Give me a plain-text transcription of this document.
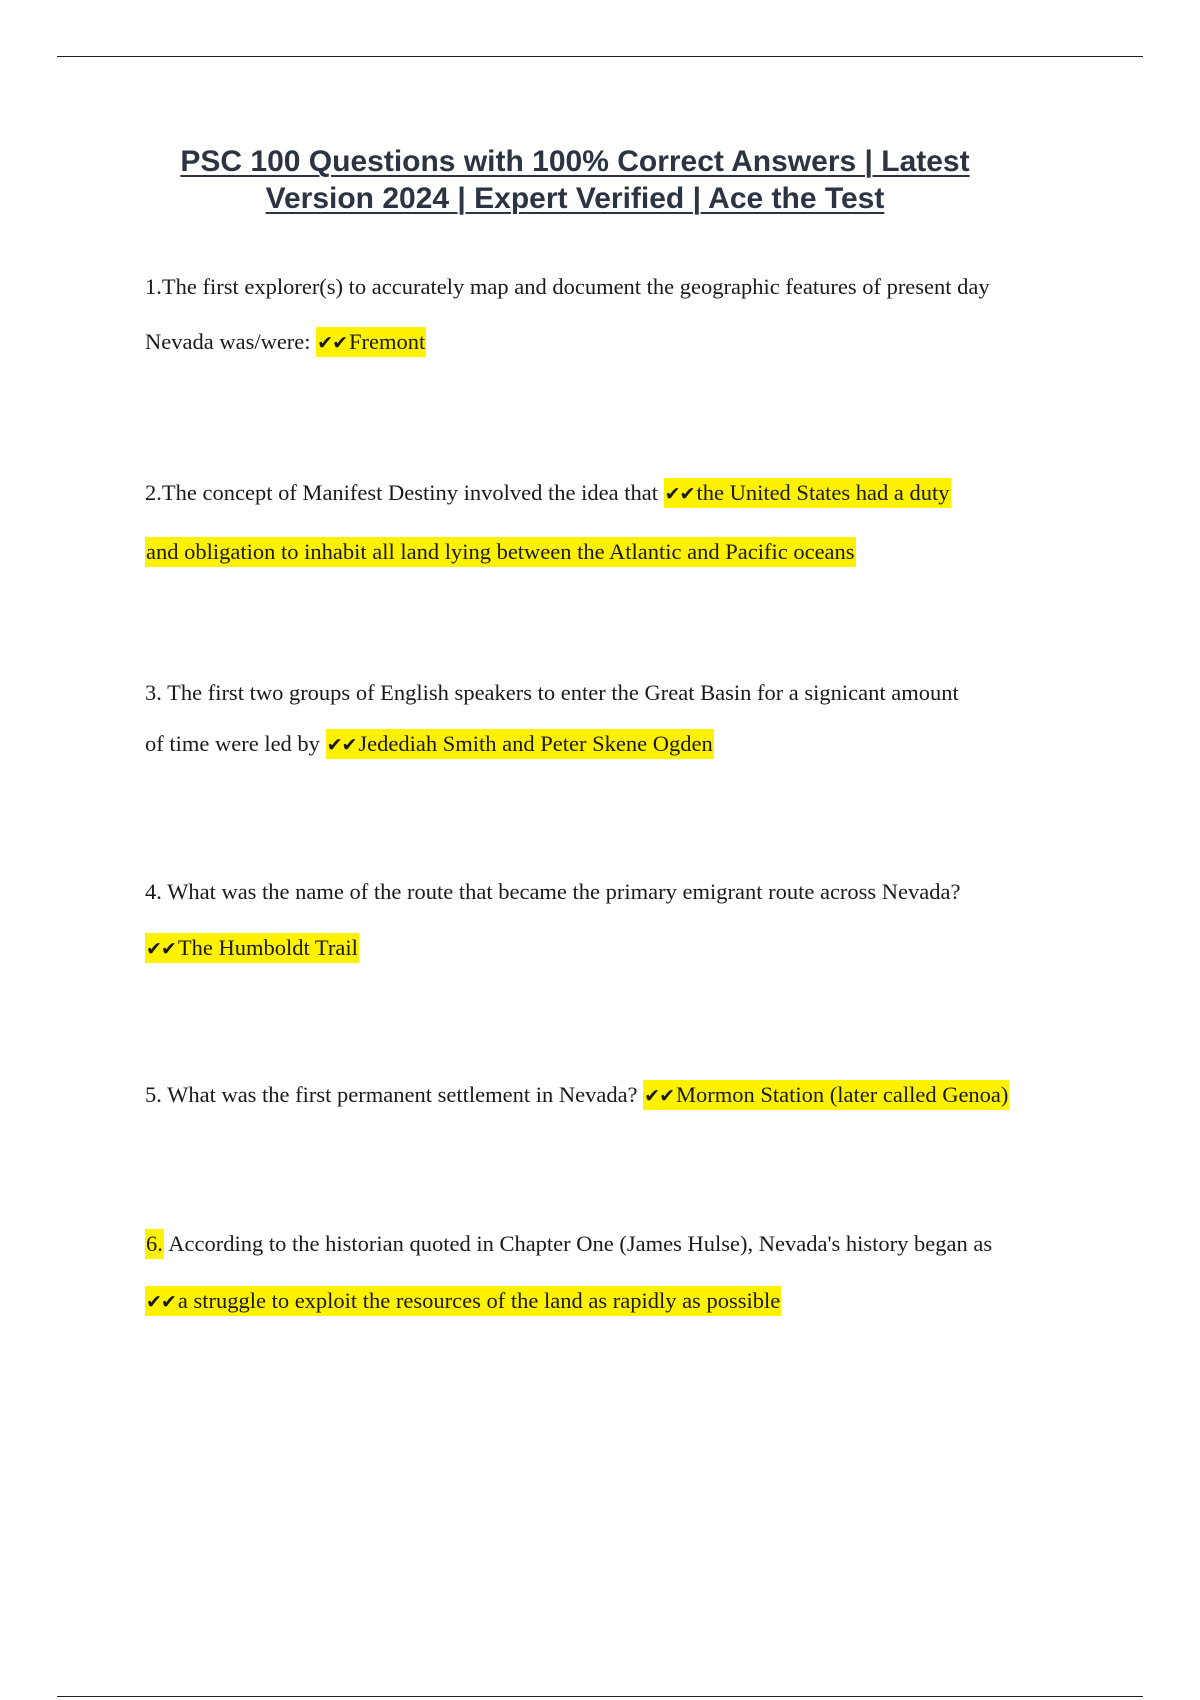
PSC 100 Questions with 100% Correct Answers | Latest
Version 2024 | Expert Verified | Ace the Test
1.The first explorer(s) to accurately map and document the geographic features of present day
Nevada was/were: ✔✔Fremont
2.The concept of Manifest Destiny involved the idea that ✔✔the United States had a duty
and obligation to inhabit all land lying between the Atlantic and Pacific oceans
3. The first two groups of English speakers to enter the Great Basin for a signicant amount
of time were led by ✔✔Jedediah Smith and Peter Skene Ogden
4. What was the name of the route that became the primary emigrant route across Nevada?
✔✔The Humboldt Trail
5. What was the first permanent settlement in Nevada? ✔✔Mormon Station (later called Genoa)
6. According to the historian quoted in Chapter One (James Hulse), Nevada's history began as
✔✔a struggle to exploit the resources of the land as rapidly as possible
